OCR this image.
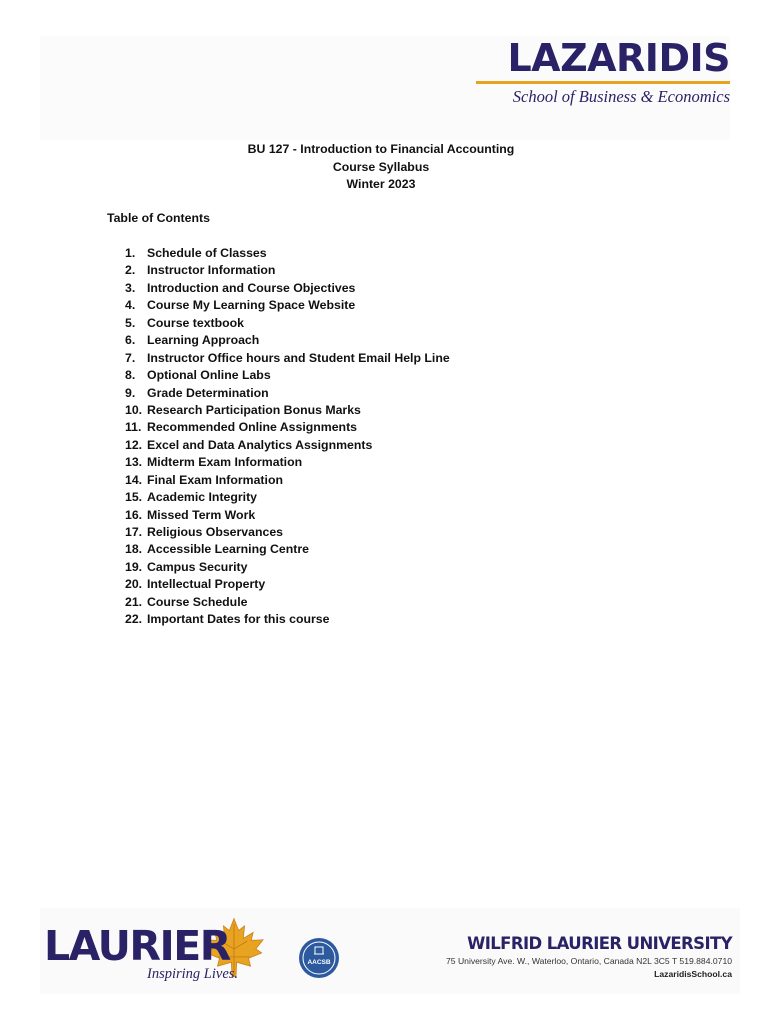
LAZARIDIS
School of Business & Economics
BU 127 - Introduction to Financial Accounting
Course Syllabus
Winter 2023
Table of Contents
1. Schedule of Classes
2. Instructor Information
3. Introduction and Course Objectives
4. Course My Learning Space Website
5. Course textbook
6. Learning Approach
7. Instructor Office hours and Student Email Help Line
8. Optional Online Labs
9. Grade Determination
10. Research Participation Bonus Marks
11. Recommended Online Assignments
12. Excel and Data Analytics Assignments
13. Midterm Exam Information
14. Final Exam Information
15. Academic Integrity
16. Missed Term Work
17. Religious Observances
18. Accessible Learning Centre
19. Campus Security
20. Intellectual Property
21. Course Schedule
22. Important Dates for this course
LAURIER
Inspiring Lives.
AACSB
WILFRID LAURIER UNIVERSITY
75 University Ave. W., Waterloo, Ontario, Canada N2L 3C5 T 519.884.0710
LazaridisSchool.ca
